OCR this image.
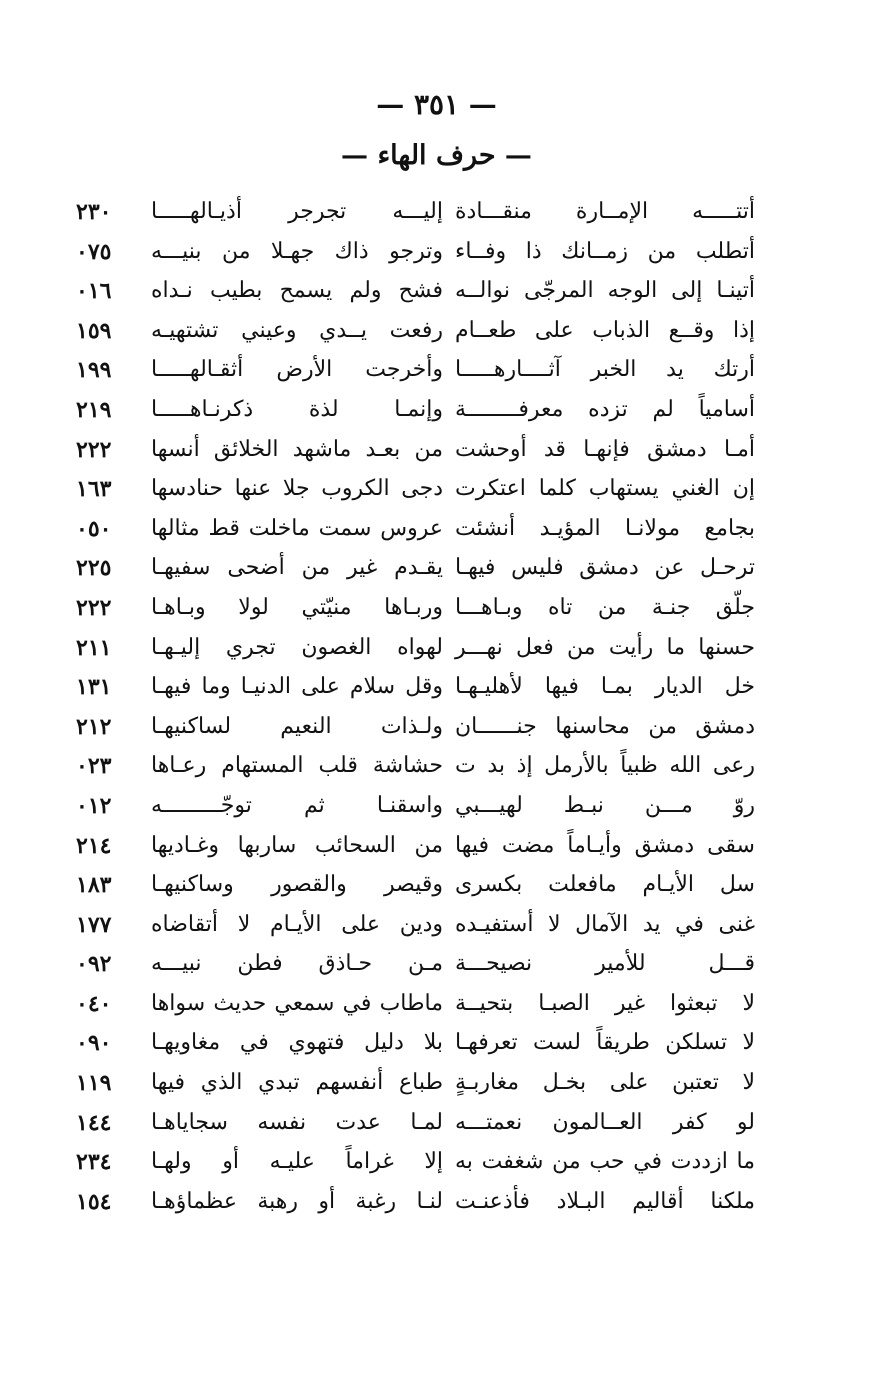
— ٣٥١ —
— حرف الهاء —
إليـــه تجرجر أذيـالهـــــا أتتـــــه الإمــارة منقـــادة
٢٣٠
وترجو ذاك جهـلا من بنيـــه أتطلب من زمــانك ذا وفــاء
٠٧٥
فشح ولم يسمح بطيب نـداه أتينـا إلى الوجه المرجّى نوالــه
٠١٦
رفعت يــدي وعيني تشتهيـه إذا وقــع الذباب على طعــام
١٥٩
وأخرجت الأرض أثقـالهـــــا أرتك يد الخبر آثــــارهـــــا
١٩٩
وإنمـا لذة ذكرنـاهـــــا أسامياً لم تزده معرفــــــــة
٢١٩
من بعـد ماشهد الخلائق أنسها أمـا دمشق فإنهـا قد أوحشت
٢٢٢
دجى الكروب جلا عنها حنادسها إن الغني يستهاب كلما اعتكرت
١٦٣
عروس سمت ماخلت قط مثالها بجامع مولانـا المؤيـد أنشئت
٠٥٠
يقـدم غير من أضحى سفيهـا ترحـل عن دمشق فليس فيهـا
٢٢٥
وربـاها منيّتي لولا وبـاهـا جلّق جنـة من تاه وبـاهـــا
٢٢٢
لهواه الغصون تجري إليـهـا حسنها ما رأيت من فعل نهـــر
٢١١
وقل سلام على الدنيـا وما فيهـا خل الديار بمـا فيها لأهليـهـا
١٣١
ولـذات النعيم لساكنيهـا دمشق من محاسنها جنــــــان
٢١٢
حشاشة قلب المستهام رعـاها رعى الله ظبياً بالأرمل إذ بد ت
٠٢٣
واسقنـا ثم توجّـــــــــه روّ مـــن نبـط لهيـــبي
٠١٢
من السحائب ساربها وغـاديها سقى دمشق وأيـاماً مضت فيها
٢١٤
وقيصر والقصور وساكنيهـا سل الأيـام مافعلت بكسرى
١٨٣
ودين على الأيـام لا أتقاضاه غنى في يد الآمال لا أستفيـده
١٧٧
مـن حـاذق فطن نبيـــه قـــل للأمير نصيحـــة
٠٩٢
ماطاب في سمعي حديث سواها لا تبعثوا غير الصبـا بتحيــة
٠٤٠
بلا دليل فتهوي في مغاويهـا لا تسلكن طريقاً لست تعرفهـا
٠٩٠
طباع أنفسهم تبدي الذي فيها لا تعتبن على بخـل مغاربـةٍ
١١٩
لمـا عدت نفسه سجاياهـا لو كفر العــالمون نعمتـــه
١٤٤
إلا غراماً عليـه أو ولهـا ما ازددت في حب من شغفت به
٢٣٤
لنـا رغبة أو رهبة عظماؤهـا ملكنا أقاليم البـلاد فأذعنـت
١٥٤
